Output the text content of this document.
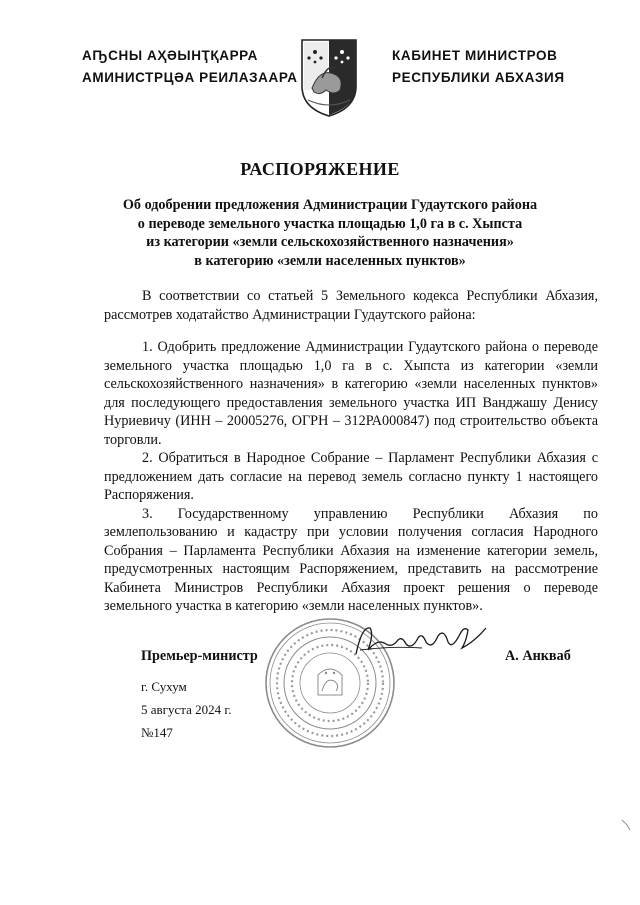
АҦСНЫ АҲӘЫНҬҚАРРА
АМИНИСТРЦӘА РЕИЛАЗААРА
КАБИНЕТ МИНИСТРОВ
РЕСПУБЛИКИ АБХАЗИЯ
РАСПОРЯЖЕНИЕ
Об одобрении предложения Администрации Гудаутского района
о переводе земельного участка площадью 1,0 га в с. Хыпста
из категории «земли сельскохозяйственного назначения»
в категорию «земли населенных пунктов»

В соответствии со статьей 5 Земельного кодекса Республики Абхазия, рассмотрев ходатайство Администрации Гудаутского района:

1. Одобрить предложение Администрации Гудаутского района о переводе земельного участка площадью 1,0 га в с. Хыпста из категории «земли сельскохозяйственного назначения» в категорию «земли населенных пунктов» для последующего предоставления земельного участка ИП Ванджашу Денису Нуриевичу (ИНН – 20005276, ОГРН – 312РА000847) под строительство объекта торговли.

2. Обратиться в Народное Собрание – Парламент Республики Абхазия с предложением дать согласие на перевод земель согласно пункту 1 настоящего Распоряжения.

3. Государственному управлению Республики Абхазия по землепользованию и кадастру при условии получения согласия Народного Собрания – Парламента Республики Абхазия на изменение категории земель, предусмотренных настоящим Распоряжением, представить на рассмотрение Кабинета Министров Республики Абхазия проект решения о переводе земельного участка в категорию «земли населенных пунктов».

Премьер-министр	А. Анкваб
г. Сухум
5 августа 2024 г.
№147
